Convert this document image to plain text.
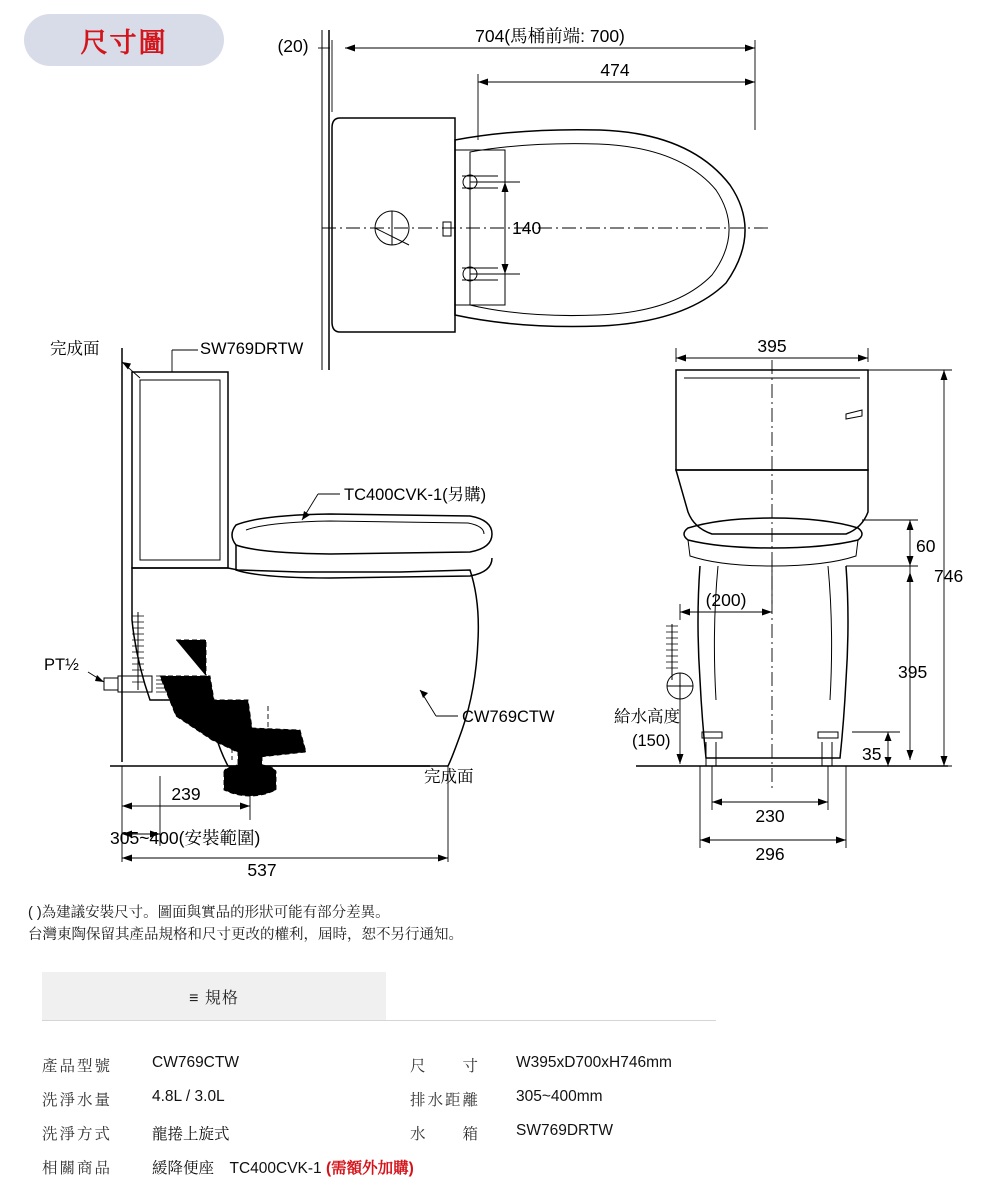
尺寸圖	704(馬桶前端: 700)
(20)
474
140
完成面	SW769DRTW
TC400CVK-1(另購)
CW769CTW
PT½
完成面
239
305~400(安裝範圍)
537
給水高度
(150)
(200)
395
60
746
395
35
230
296
( )為建議安裝尺寸。圖面與實品的形狀可能有部分差異。
台灣東陶保留其產品規格和尺寸更改的權利，屆時，恕不另行通知。
≡ 規格
產品型號	CW769CTW	尺　　寸	W395xD700xH746mm
洗淨水量	4.8L / 3.0L	排水距離	305~400mm
洗淨方式	龍捲上旋式	水　　箱	SW769DRTW
相關商品	緩降便座　TC400CVK-1 (需額外加購)		
